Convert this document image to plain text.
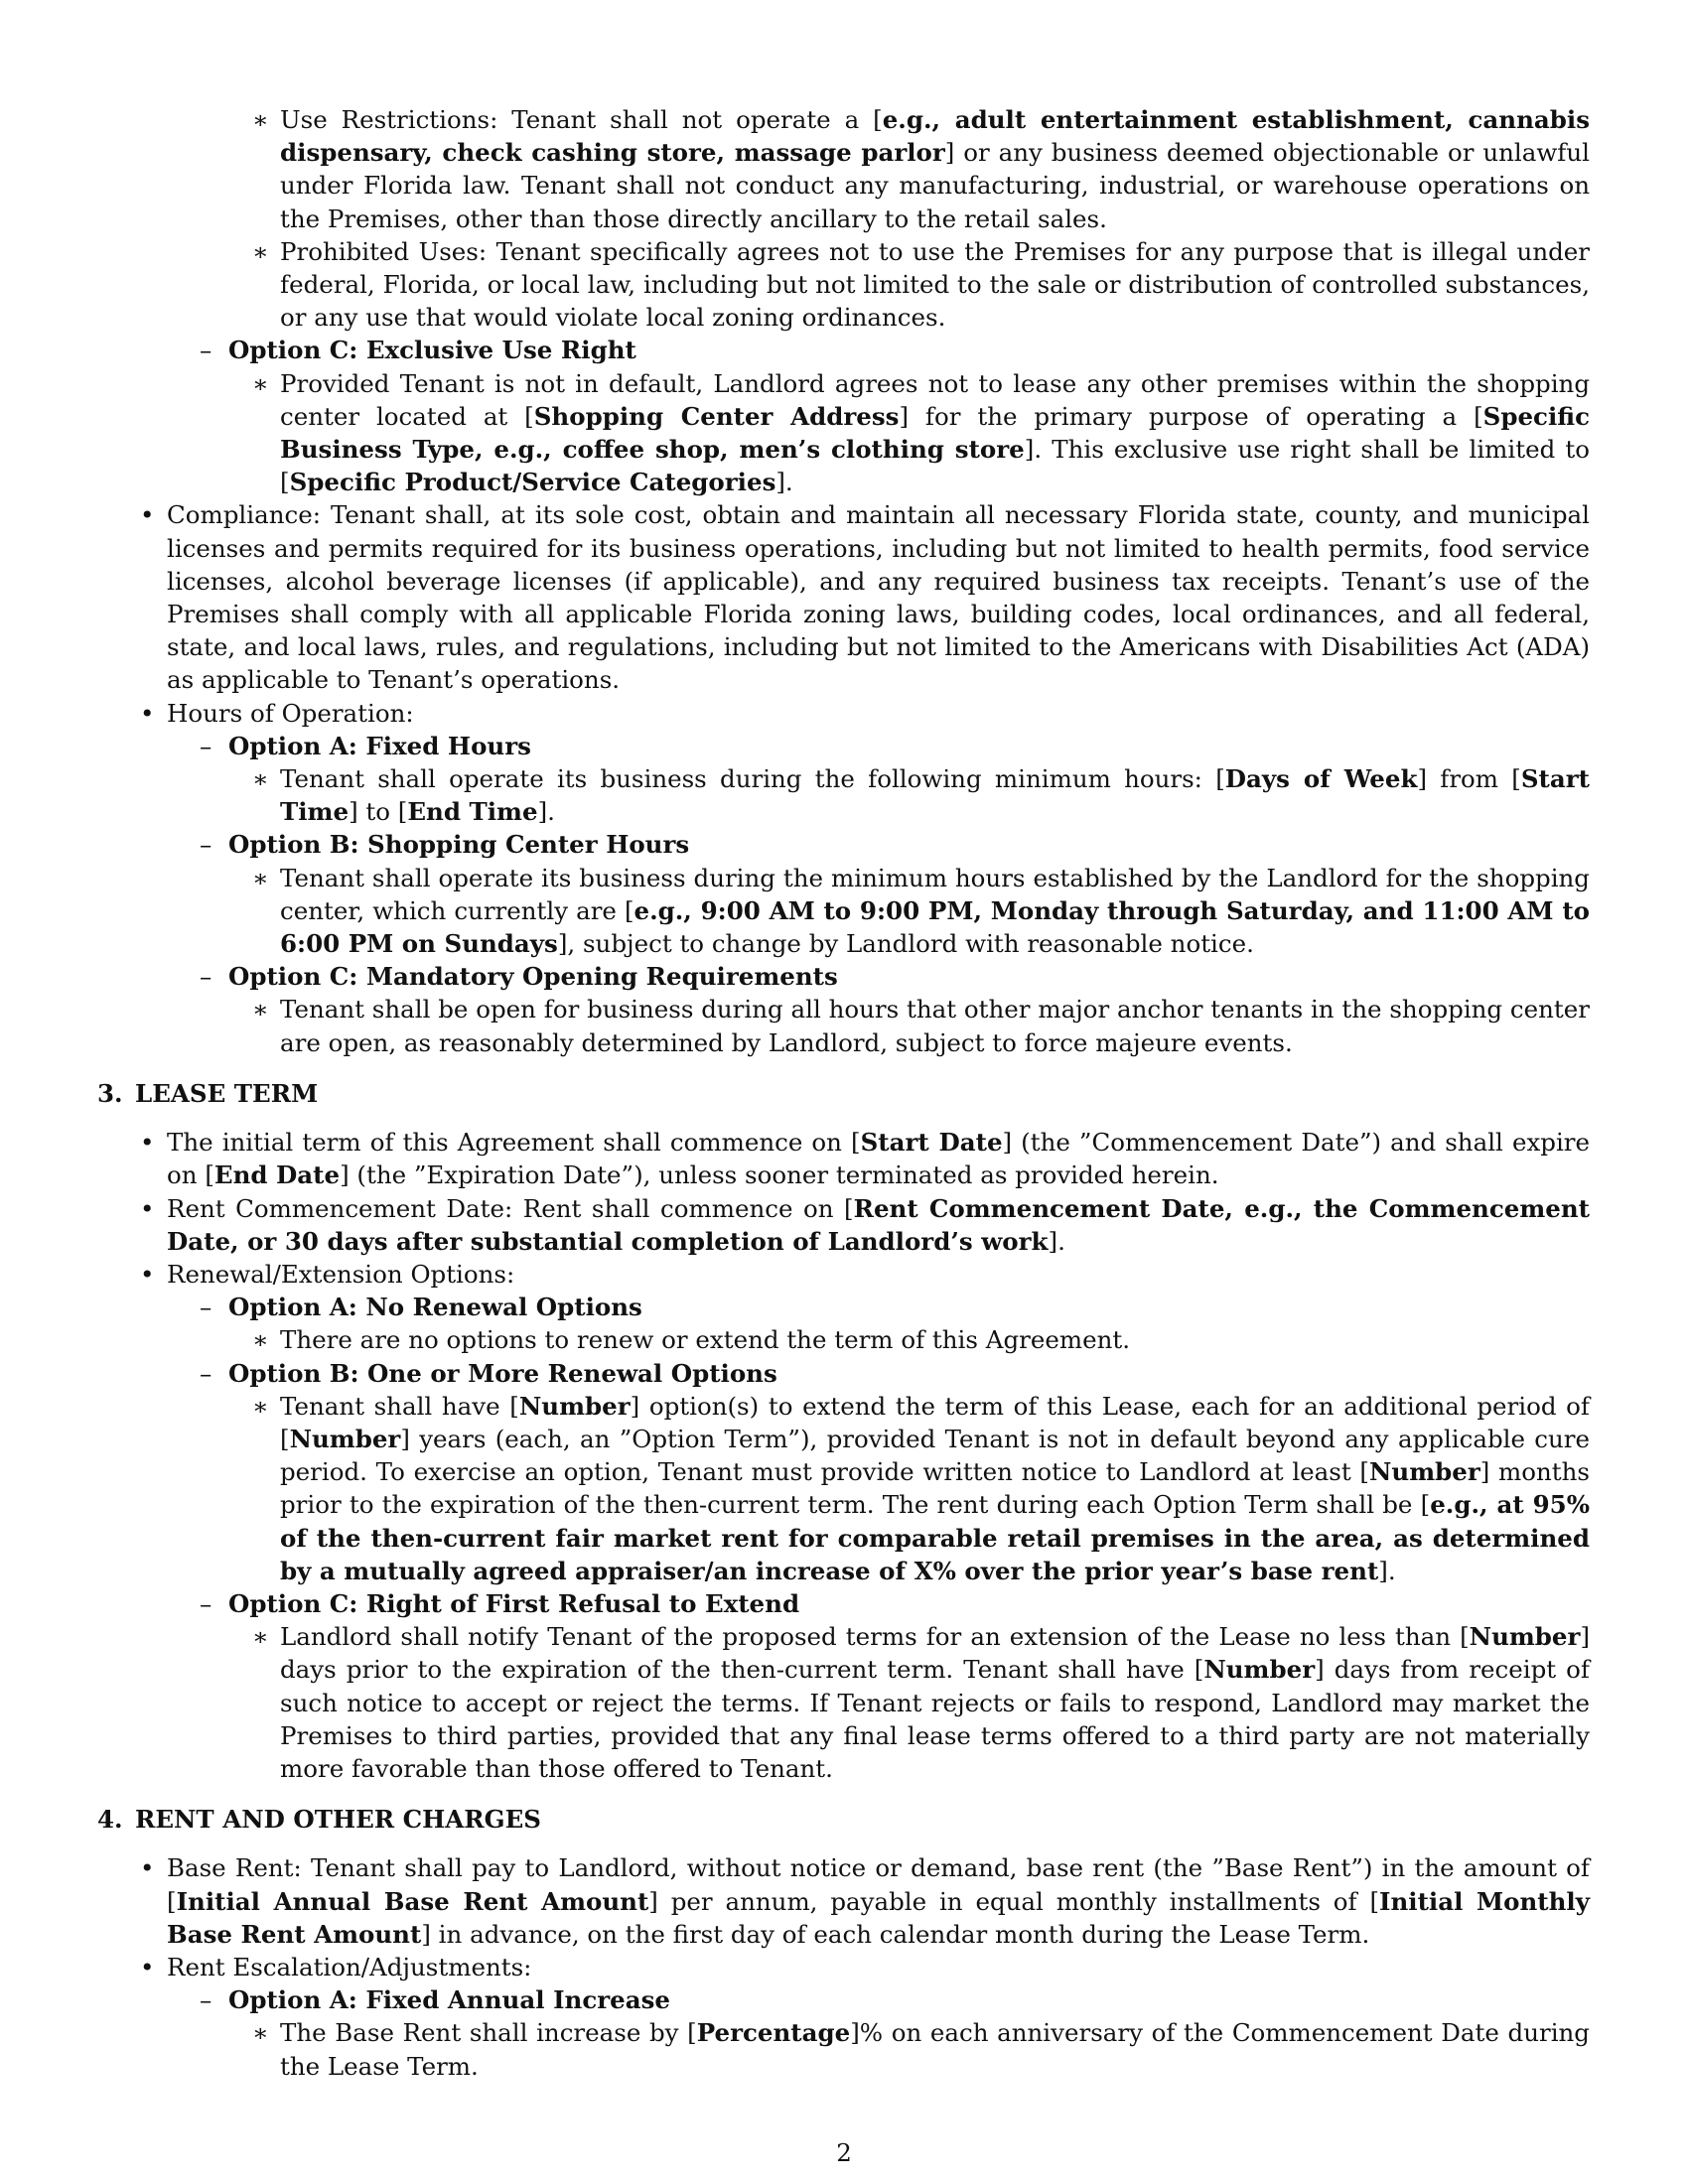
∗ Use Restrictions: Tenant shall not operate a [e.g., adult entertainment establishment, cannabis dispensary, check cashing store, massage parlor] or any business deemed objectionable or unlawful under Florida law. Tenant shall not conduct any manufacturing, industrial, or warehouse operations on the Premises, other than those directly ancillary to the retail sales.
∗ Prohibited Uses: Tenant specifically agrees not to use the Premises for any purpose that is illegal under federal, Florida, or local law, including but not limited to the sale or distribution of controlled substances, or any use that would violate local zoning ordinances.
– Option C: Exclusive Use Right
∗ Provided Tenant is not in default, Landlord agrees not to lease any other premises within the shopping center located at [Shopping Center Address] for the primary purpose of operating a [Specific Business Type, e.g., coffee shop, men’s clothing store]. This exclusive use right shall be limited to [Specific Product/Service Categories].
• Compliance: Tenant shall, at its sole cost, obtain and maintain all necessary Florida state, county, and municipal licenses and permits required for its business operations, including but not limited to health permits, food service licenses, alcohol beverage licenses (if applicable), and any required business tax receipts. Tenant’s use of the Premises shall comply with all applicable Florida zoning laws, building codes, local ordinances, and all federal, state, and local laws, rules, and regulations, including but not limited to the Americans with Disabilities Act (ADA) as applicable to Tenant’s operations.
• Hours of Operation:
– Option A: Fixed Hours
∗ Tenant shall operate its business during the following minimum hours: [Days of Week] from [Start Time] to [End Time].
– Option B: Shopping Center Hours
∗ Tenant shall operate its business during the minimum hours established by the Landlord for the shopping center, which currently are [e.g., 9:00 AM to 9:00 PM, Monday through Saturday, and 11:00 AM to 6:00 PM on Sundays], subject to change by Landlord with reasonable notice.
– Option C: Mandatory Opening Requirements
∗ Tenant shall be open for business during all hours that other major anchor tenants in the shopping center are open, as reasonably determined by Landlord, subject to force majeure events.
3. LEASE TERM
• The initial term of this Agreement shall commence on [Start Date] (the ”Commencement Date”) and shall expire on [End Date] (the ”Expiration Date”), unless sooner terminated as provided herein.
• Rent Commencement Date: Rent shall commence on [Rent Commencement Date, e.g., the Commencement Date, or 30 days after substantial completion of Landlord’s work].
• Renewal/Extension Options:
– Option A: No Renewal Options
∗ There are no options to renew or extend the term of this Agreement.
– Option B: One or More Renewal Options
∗ Tenant shall have [Number] option(s) to extend the term of this Lease, each for an additional period of [Number] years (each, an ”Option Term”), provided Tenant is not in default beyond any applicable cure period. To exercise an option, Tenant must provide written notice to Landlord at least [Number] months prior to the expiration of the then-current term. The rent during each Option Term shall be [e.g., at 95% of the then-current fair market rent for comparable retail premises in the area, as determined by a mutually agreed appraiser/an increase of X% over the prior year’s base rent].
– Option C: Right of First Refusal to Extend
∗ Landlord shall notify Tenant of the proposed terms for an extension of the Lease no less than [Number] days prior to the expiration of the then-current term. Tenant shall have [Number] days from receipt of such notice to accept or reject the terms. If Tenant rejects or fails to respond, Landlord may market the Premises to third parties, provided that any final lease terms offered to a third party are not materially more favorable than those offered to Tenant.
4. RENT AND OTHER CHARGES
• Base Rent: Tenant shall pay to Landlord, without notice or demand, base rent (the ”Base Rent”) in the amount of [Initial Annual Base Rent Amount] per annum, payable in equal monthly installments of [Initial Monthly Base Rent Amount] in advance, on the first day of each calendar month during the Lease Term.
• Rent Escalation/Adjustments:
– Option A: Fixed Annual Increase
∗ The Base Rent shall increase by [Percentage]% on each anniversary of the Commencement Date during the Lease Term.
2
